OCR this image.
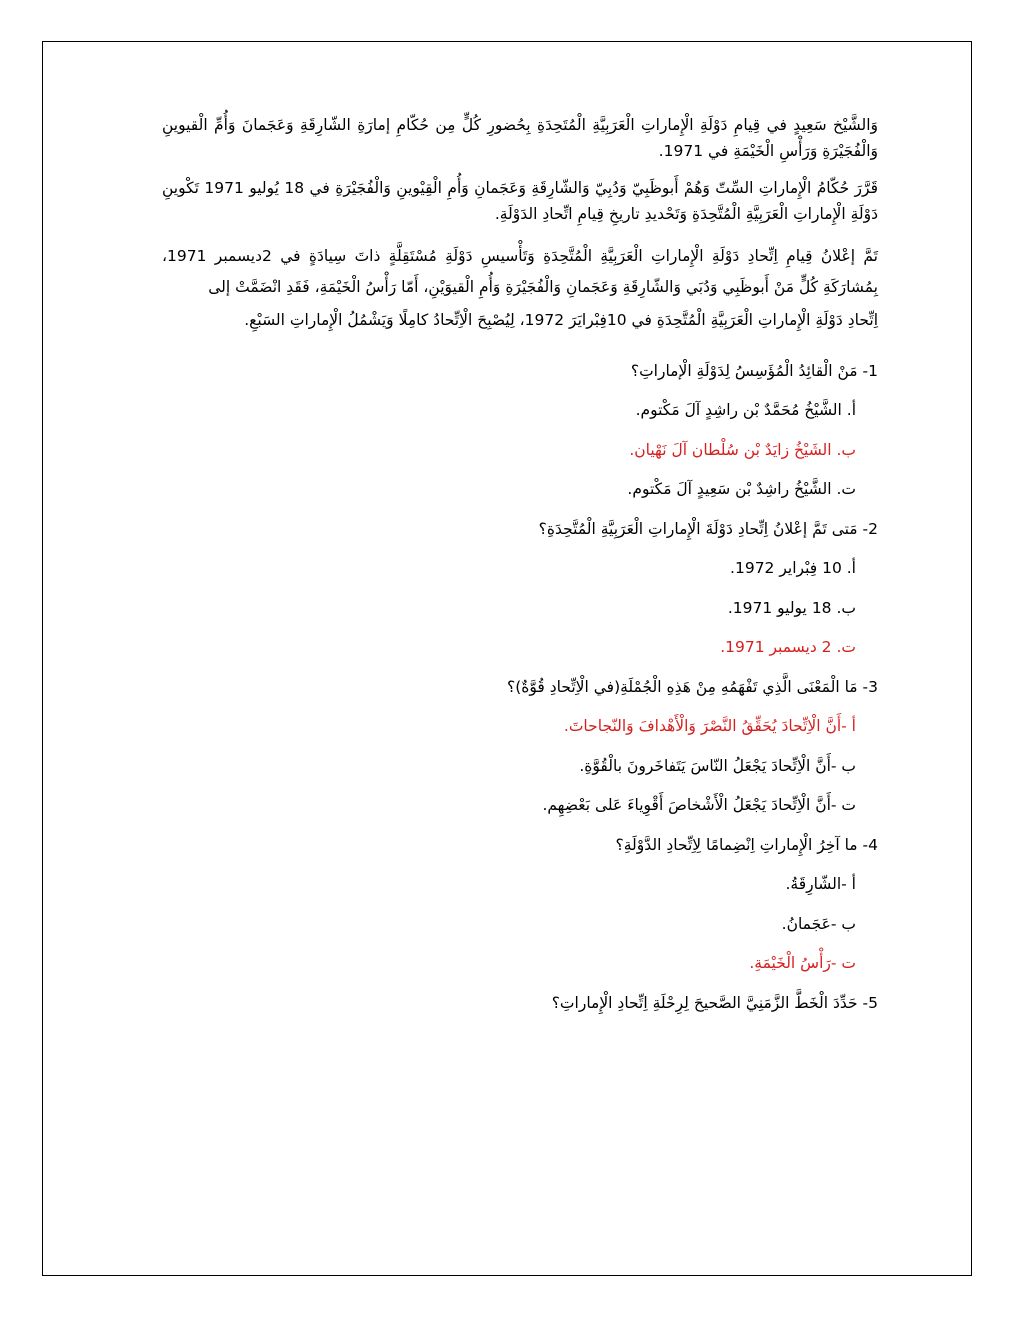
وَالشَّيْخ سَعِيدٍ في قِيامِ دَوْلَةِ الْإِماراتِ الْعَرَبِيَّةِ الْمُتَحِدَةِ بِحُضورِ كُلٍّ مِن حُكّامِ إمارَةِ الشّارِقَةِ وَعَجَمانَ وَأُمِّ الْقيوينِ وَالْفُجَيْرَةِ وَرَأْسِ الْخَيْمَةِ في 1971.

قَرَّرَ حُكّامُ الْإِماراتِ السِّتّ وَهُمْ أَبوظَبِيّ وَدُبِيّ وَالشّارِقَةِ وَعَجَمانِ وَأُمِ الْقِيْوينِ وَالْفُجَيْرَةِ في 18 يُوليو 1971 تَكْوينِ دَوْلَةِ الْإِماراتِ الْعَرَبِيَّةِ الْمُتَّحِدَةِ وَتَحْديدِ تاريخِ قِيامِ اتِّحادِ الدَوْلَةِ.

تَمَّ إعْلانُ قِيامِ اِتِّحادِ دَوْلَةِ الْإِماراتِ الْعَرَبِيَّةِ الْمُتَّحِدَةِ وَتَأْسيسِ دَوْلَةِ مُسْتَقِلَّةٍ ذاتَ سِيادَةٍ في 2ديسمبر 1971، بِمُشارَكَةِ كُلٍّ مَنْ أَبوظَبِي وَدُبَي وَالشّارِقَةِ وَعَجَمانِ وَالْفُجَيْرَةِ وَأُمِ الْقيوَيْنِ، أَمّا رَأْسُ الْخَيْمَةِ، فَقَدِ انْضَمَّتْ إلى

اِتِّحادِ دَوْلَةِ الْإِماراتِ الْعَرَبِيَّةِ الْمُتَّحِدَةِ في 10فِبْرايَرَ 1972، لِيُصْبِحَ الْاِتِّحادُ كامِلًا وَيَشْمُلُ الْإِماراتِ السَبْعِ.

1- مَنْ الْقائِدُ الْمُؤَسِسُ لِدَوْلَةِ الْإماراتِ؟
أ. الشَّيْخُ مُحَمَّدٌ بْن راشِدٍ آلَ مَكْتوم.
ب. الشَيْخُ زايَدٌ بْن سُلْطان آلَ نَهْيان.
ت. الشَّيْخُ راشِدٌ بْن سَعِيدٍ آلَ مَكْتوم.
2- مَتى تَمَّ إعْلانُ اِتِّحادِ دَوْلَةَ الْإِماراتِ الْعَرَبِيَّةِ الْمُتَّحِدَةِ؟
أ. 10 فِبْراير 1972.
ب. 18 يوليو 1971.
ت. 2 ديسمبر 1971.
3- مَا الْمَعْنَى الَّذِي تَفْهَمُهِ مِنْ هَذِهِ الْجُمْلَةِ(في الْاِتِّحادِ قُوَّةٌ)؟
أ -أَنَّ الْاِتِّحادَ يُحَقِّقُ النَّصْرَ وَالْأَهْدافَ وَالنّجاحاتَ.
ب -أَنَّ الْاِتِّحادَ يَجْعَلُ النّاسَ يَتَفاخَرونَ بالْقُوَّةِ.
ت -أَنَّ الْاِتِّحادَ يَجْعَلُ الْأَشْخاصَ أَقْوِياءَ عَلى بَعْضِهِم.
4- ما آخِرُ الْإِماراتِ اِنْضِمامًا لِاِتِّحادِ الدَّوْلَةِ؟
أ -الشّارِقَةُ.
ب -عَجَمانُ.
ت -رَأْسُ الْخَيْمَةِ.
5- حَدِّدَ الْخَطَّ الزَّمَنِيَّ الصَّحيحَ لِرِحْلَةِ اِتِّحادِ الْإِماراتِ؟
